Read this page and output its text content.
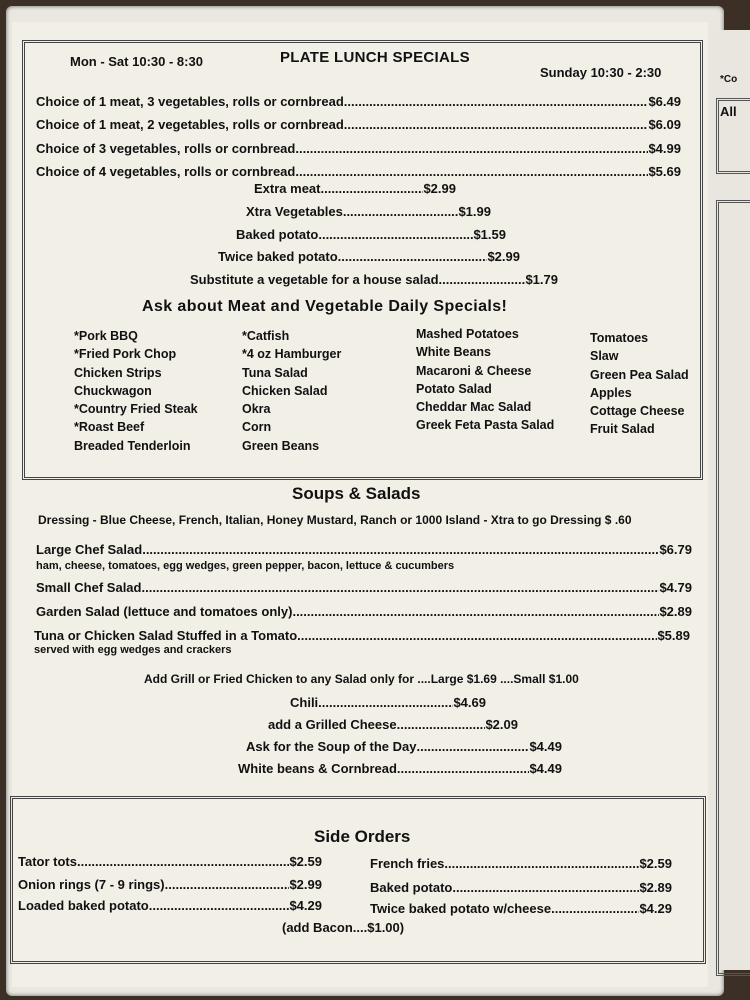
Mon - Sat 10:30 - 8:30	PLATE LUNCH SPECIALS
Sunday 10:30 - 2:30
Choice of 1 meat, 3 vegetables, rolls or cornbread .....	$6.49
Choice of 1 meat, 2 vegetables, rolls or cornbread .....	$6.09
Choice of 3 vegetables, rolls or cornbread .....	$4.99
Choice of 4 vegetables, rolls or cornbread .....	$5.69
Extra meat .....	$2.99
Xtra Vegetables .....	$1.99
Baked potato .....	$1.59
Twice baked potato .....	$2.99
Substitute a vegetable for a house salad .....	$1.79
Ask about Meat and Vegetable Daily Specials!
*Pork BBQ
*Fried Pork Chop
Chicken Strips
Chuckwagon
*Country Fried Steak
*Roast Beef
Breaded Tenderloin
*Catfish
*4 oz Hamburger
Tuna Salad
Chicken Salad
Okra
Corn
Green Beans
Mashed Potatoes
White Beans
Macaroni & Cheese
Potato Salad
Cheddar Mac Salad
Greek Feta Pasta Salad
Tomatoes
Slaw
Green Pea Salad
Apples
Cottage Cheese
Fruit Salad
Soups & Salads
Dressing - Blue Cheese, French, Italian, Honey Mustard, Ranch or 1000 Island - Xtra to go Dressing $ .60
Large Chef Salad .....	$6.79
ham, cheese, tomatoes, egg wedges, green pepper, bacon, lettuce & cucumbers
Small Chef Salad .....	$4.79
Garden Salad (lettuce and tomatoes only) .....	$2.89
Tuna or Chicken Salad Stuffed in a Tomato .....	$5.89
served with egg wedges and crackers
Add Grill or Fried Chicken to any Salad only for ....Large $1.69 ....Small $1.00
Chili .....	$4.69
add a Grilled Cheese .....	$2.09
Ask for the Soup of the Day .....	$4.49
White beans & Cornbread .....	$4.49
Side Orders
Tator tots .....	$2.59
Onion rings (7 - 9 rings) .....	$2.99
Loaded baked potato .....	$4.29
French fries .....	$2.59
Baked potato .....	$2.89
Twice baked potato w/cheese .....	$4.29
(add Bacon....$1.00)
*Co
All
